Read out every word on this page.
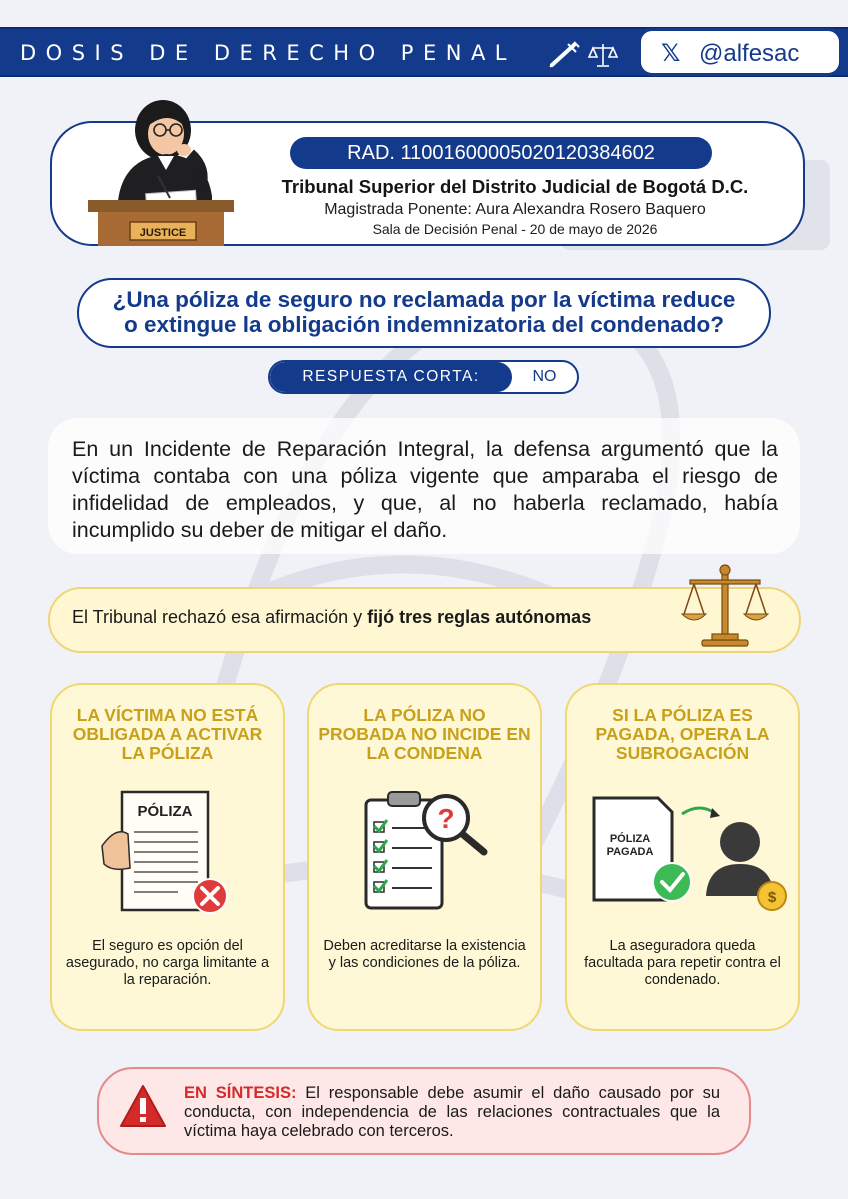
DOSIS DE DERECHO PENAL	𝕏 @alfesac
JUSTICE
RAD. 11001600005020120384602
Tribunal Superior del Distrito Judicial de Bogotá D.C.
Magistrada Ponente: Aura Alexandra Rosero Baquero
Sala de Decisión Penal - 20 de mayo de 2026
¿Una póliza de seguro no reclamada por la víctima reduce
o extingue la obligación indemnizatoria del condenado?
RESPUESTA CORTA:	NO
En un Incidente de Reparación Integral, la defensa argumentó que la víctima contaba con una póliza vigente que amparaba el riesgo de infidelidad de empleados, y que, al no haberla reclamado, había incumplido su deber de mitigar el daño.
El Tribunal rechazó esa afirmación y fijó tres reglas autónomas
LA VÍCTIMA NO ESTÁ OBLIGADA A ACTIVAR LA PÓLIZA
PÓLIZA
El seguro es opción del asegurado, no carga limitante a la reparación.
LA PÓLIZA NO PROBADA NO INCIDE EN LA CONDENA
?
Deben acreditarse la existencia y las condiciones de la póliza.
SI LA PÓLIZA ES PAGADA, OPERA LA SUBROGACIÓN
PÓLIZA
PAGADA
$
La aseguradora queda facultada para repetir contra el condenado.
EN SÍNTESIS: El responsable debe asumir el daño causado por su conducta, con independencia de las relaciones contractuales que la víctima haya celebrado con terceros.
